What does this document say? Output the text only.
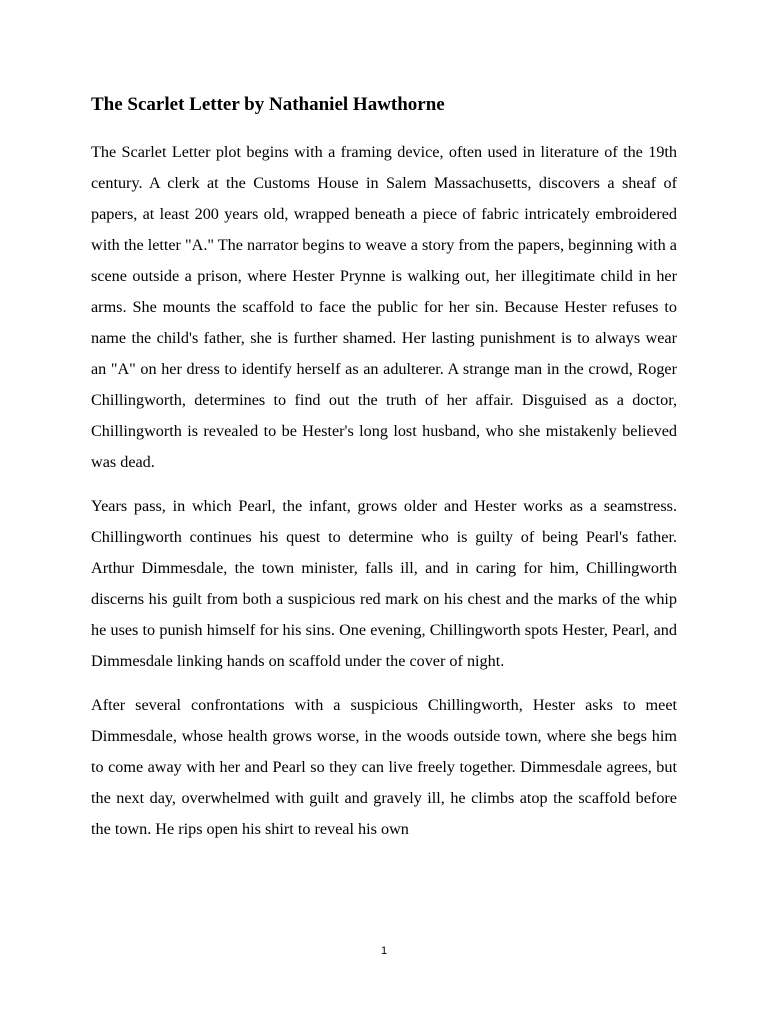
The Scarlet Letter by Nathaniel Hawthorne

The Scarlet Letter plot begins with a framing device, often used in literature of the 19th century. A clerk at the Customs House in Salem Massachusetts, discovers a sheaf of papers, at least 200 years old, wrapped beneath a piece of fabric intricately embroidered with the letter "A." The narrator begins to weave a story from the papers, beginning with a scene outside a prison, where Hester Prynne is walking out, her illegitimate child in her arms. She mounts the scaffold to face the public for her sin. Because Hester refuses to name the child's father, she is further shamed. Her lasting punishment is to always wear an "A" on her dress to identify herself as an adulterer. A strange man in the crowd, Roger Chillingworth, determines to find out the truth of her affair. Disguised as a doctor, Chillingworth is revealed to be Hester's long lost husband, who she mistakenly believed was dead.

Years pass, in which Pearl, the infant, grows older and Hester works as a seamstress. Chillingworth continues his quest to determine who is guilty of being Pearl's father. Arthur Dimmesdale, the town minister, falls ill, and in caring for him, Chillingworth discerns his guilt from both a suspicious red mark on his chest and the marks of the whip he uses to punish himself for his sins. One evening, Chillingworth spots Hester, Pearl, and Dimmesdale linking hands on scaffold under the cover of night.

After several confrontations with a suspicious Chillingworth, Hester asks to meet Dimmesdale, whose health grows worse, in the woods outside town, where she begs him to come away with her and Pearl so they can live freely together. Dimmesdale agrees, but the next day, overwhelmed with guilt and gravely ill, he climbs atop the scaffold before the town. He rips open his shirt to reveal his own

1
